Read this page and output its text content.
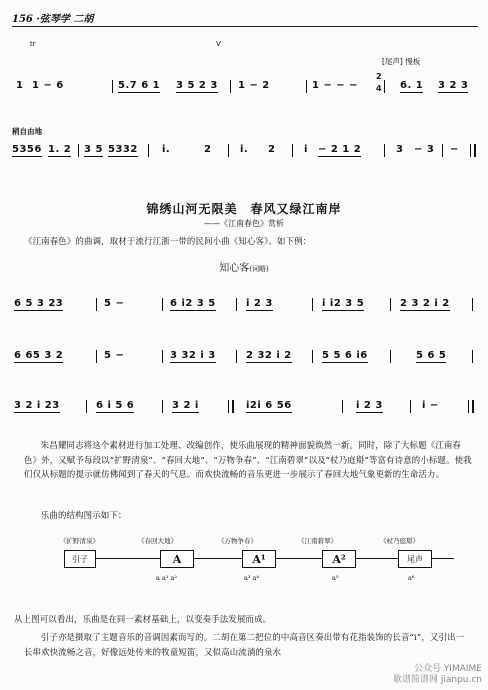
156 ·弦琴学 二胡
tr	V
[尾声] 慢板
2
4
1 1 − 6	5.7 6 1 3 5 2 3 1 − 2	1 − − −	6. 1 3 2 3
稍自由地
5356 1. 2 3 5 5332 i.	2	i. 2	i − 2 1 2	3 − 3 −
锦绣山河无限美　春风又绿江南岸
——《江南春色》赏析
《江南春色》的曲调，取材于流行江浙一带的民间小曲《知心客》。如下例：
知心客(词略)
6 5 3 23	5 −	6 i2 3 5	i 2 3	i i2 3 5	2 3 2 i 2
6 65 3 2	5 −	3 32 i 3	2 32 i 2	5 5 6 i6	5 6 5
3 2 i 23	6 i 5 6	3 2 i	i2i 6 56	i 2 3	i −
朱昌耀同志将这个素材进行加工处理、改编创作，使乐曲展现的精神面貌焕然一新。同时，除了大标题《江南春色》外，又赋予每段以“扩野清泉”、“春回大地”、“万物争春”、“江南碧翠”以及“杖乃庭搿”等富有诗意的小标题。使我们仅从标题的提示就仿佛闻到了春天的气息。而欢快流畅的音乐更进一步展示了春回大地气象更新的生命活力。
乐曲的结构图示如下：
《扩野清泉》	《春回大地》	《万物争春》	《江南碧翠》	《杖乃庭搿》
引子	A	A¹	A²	尾声
a a¹ a²	a³ a⁴	a⁵	a⁶
从上图可以看出，乐曲是在同一素材基础上，以变奏手法发展而成。
引子亦是摄取了主题音乐的音调因素而写的。二胡在第二把位的中高音区奏出带有花指装饰的长音“i”，又引出一长串欢快流畅之音，好像远处传来的牧童短笛，又似高山流淌的泉水
公众号 YIMAIME
歌谱简谱网 jianpu.cn
